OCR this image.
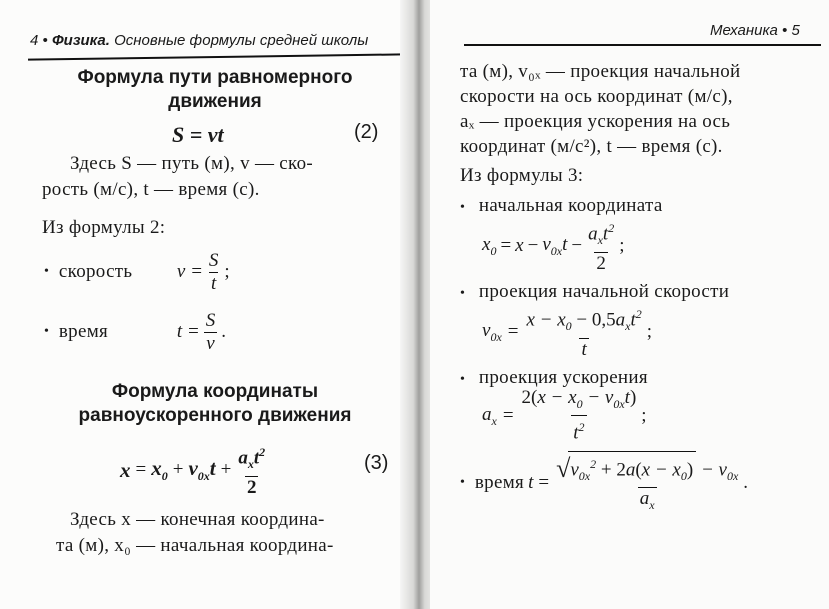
4 • Физика. Основные формулы средней школы
Формула пути равномерного
движения
S = vt	(2)
Здесь S — путь (м), v — ско-
рость (м/с), t — время (с).
Из формулы 2:
• скорость	$v = \frac{S}{t}$ ;
• время	$t = \frac{S}{v}$ .
Формула координаты
равноускоренного движения
$x = x_0 + v_{0x}t + \frac{a_xt^2}{2}$	(3)
Здесь x — конечная координа-
та (м), x₀ — начальная координа-
Механика • 5
та (м), v₀ₓ — проекция начальной
скорости на ось координат (м/с),
aₓ — проекция ускорения на ось
координат (м/с²), t — время (с).
Из формулы 3:
• начальная координата
$x_0 = x - v_{0x}t - \frac{a_xt^2}{2}$ ;
• проекция начальной скорости
$v_{0x} = \frac{x - x_0 - 0,5a_xt^2}{t}$ ;
• проекция ускорения
$a_x = \frac{2(x - x_0 - v_{0x}t)}{t^2}$ ;
• время $t = \frac{√v_{0x}^2 + 2a(x - x_0) - v_{0x}}{a_x}$ .
